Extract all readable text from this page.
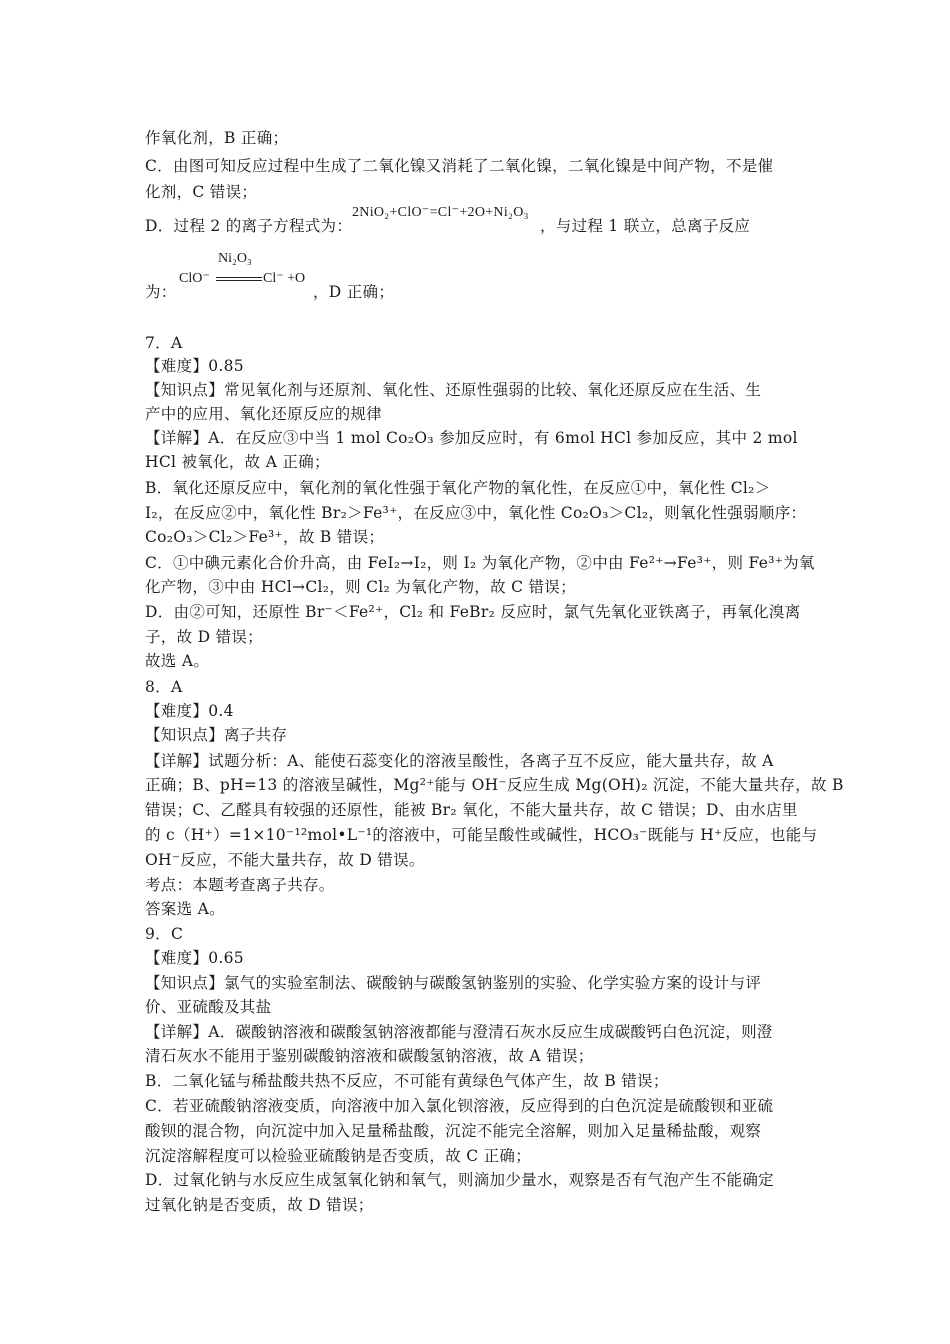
作氧化剂，B 正确；
C．由图可知反应过程中生成了二氧化镍又消耗了二氧化镍，二氧化镍是中间产物，不是催
化剂，C 错误；
D．过程 2 的离子方程式为：
2NiO₂+ClO⁻=Cl⁻+2O+Ni₂O₃
，与过程 1 联立，总离子反应
为：
ClO⁻
Ni₂O₃
Cl⁻ +O
，D 正确；
7．A
【难度】0.85
【知识点】常见氧化剂与还原剂、氧化性、还原性强弱的比较、氧化还原反应在生活、生
产中的应用、氧化还原反应的规律
【详解】A．在反应③中当 1 mol Co₂O₃ 参加反应时，有 6mol HCl 参加反应，其中 2 mol
HCl 被氧化，故 A 正确；
B．氧化还原反应中，氧化剂的氧化性强于氧化产物的氧化性，在反应①中，氧化性 Cl₂＞
I₂，在反应②中，氧化性 Br₂＞Fe³⁺，在反应③中，氧化性 Co₂O₃＞Cl₂，则氧化性强弱顺序：
Co₂O₃＞Cl₂＞Fe³⁺，故 B 错误；
C．①中碘元素化合价升高，由 FeI₂→I₂，则 I₂ 为氧化产物，②中由 Fe²⁺→Fe³⁺，则 Fe³⁺为氧
化产物，③中由 HCl→Cl₂，则 Cl₂ 为氧化产物，故 C 错误；
D．由②可知，还原性 Br⁻＜Fe²⁺，Cl₂ 和 FeBr₂ 反应时，氯气先氧化亚铁离子，再氧化溴离
子，故 D 错误；
故选 A。
8．A
【难度】0.4
【知识点】离子共存
【详解】试题分析：A、能使石蕊变化的溶液呈酸性，各离子互不反应，能大量共存，故 A
正确；B、pH=13 的溶液呈碱性，Mg²⁺能与 OH⁻反应生成 Mg(OH)₂ 沉淀，不能大量共存，故 B
错误；C、乙醛具有较强的还原性，能被 Br₂ 氧化，不能大量共存，故 C 错误；D、由水店里
的 c（H⁺）=1×10⁻¹²mol•L⁻¹的溶液中，可能呈酸性或碱性，HCO₃⁻既能与 H⁺反应，也能与
OH⁻反应，不能大量共存，故 D 错误。
考点：本题考查离子共存。
答案选 A。
9．C
【难度】0.65
【知识点】氯气的实验室制法、碳酸钠与碳酸氢钠鉴别的实验、化学实验方案的设计与评
价、亚硫酸及其盐
【详解】A．碳酸钠溶液和碳酸氢钠溶液都能与澄清石灰水反应生成碳酸钙白色沉淀，则澄
清石灰水不能用于鉴别碳酸钠溶液和碳酸氢钠溶液，故 A 错误；
B．二氧化锰与稀盐酸共热不反应，不可能有黄绿色气体产生，故 B 错误；
C．若亚硫酸钠溶液变质，向溶液中加入氯化钡溶液，反应得到的白色沉淀是硫酸钡和亚硫
酸钡的混合物，向沉淀中加入足量稀盐酸，沉淀不能完全溶解，则加入足量稀盐酸，观察
沉淀溶解程度可以检验亚硫酸钠是否变质，故 C 正确；
D．过氧化钠与水反应生成氢氧化钠和氧气，则滴加少量水，观察是否有气泡产生不能确定
过氧化钠是否变质，故 D 错误；
